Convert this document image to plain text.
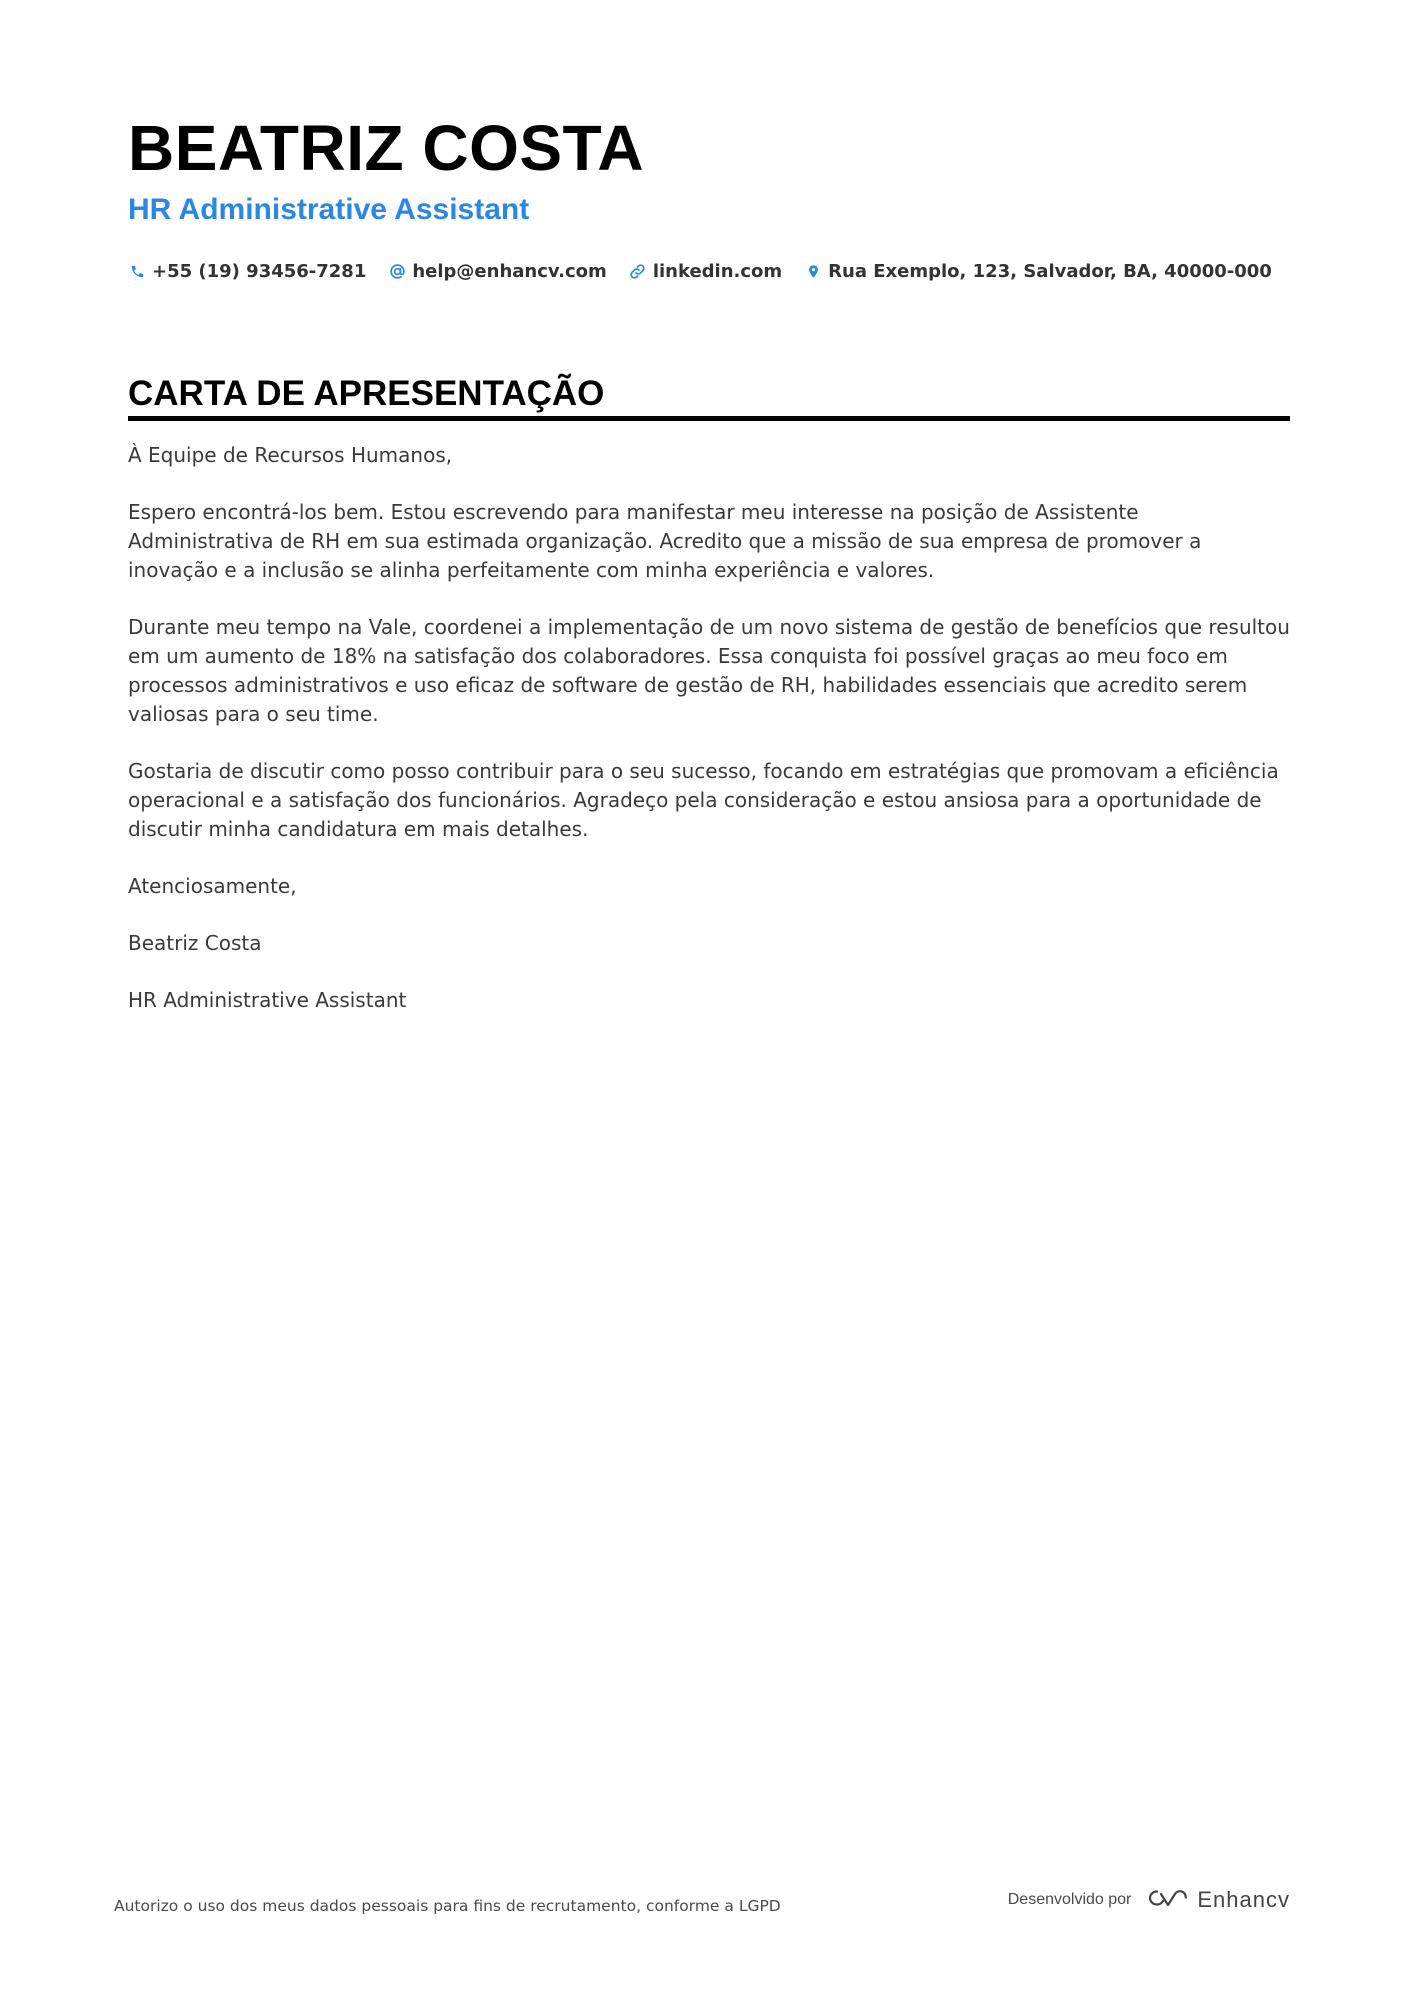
BEATRIZ COSTA
HR Administrative Assistant
+55 (19) 93456-7281	help@enhancv.com	linkedin.com	Rua Exemplo, 123, Salvador, BA, 40000-000
CARTA DE APRESENTAÇÃO

À Equipe de Recursos Humanos,

Espero encontrá-los bem. Estou escrevendo para manifestar meu interesse na posição de Assistente Administrativa de RH em sua estimada organização. Acredito que a missão de sua empresa de promover a inovação e a inclusão se alinha perfeitamente com minha experiência e valores.

Durante meu tempo na Vale, coordenei a implementação de um novo sistema de gestão de benefícios que resultou em um aumento de 18% na satisfação dos colaboradores. Essa conquista foi possível graças ao meu foco em processos administrativos e uso eficaz de software de gestão de RH, habilidades essenciais que acredito serem valiosas para o seu time.

Gostaria de discutir como posso contribuir para o seu sucesso, focando em estratégias que promovam a eficiência operacional e a satisfação dos funcionários. Agradeço pela consideração e estou ansiosa para a oportunidade de discutir minha candidatura em mais detalhes.

Atenciosamente,

Beatriz Costa

HR Administrative Assistant

Autorizo o uso dos meus dados pessoais para fins de recrutamento, conforme a LGPD	Desenvolvido por	Enhancv
